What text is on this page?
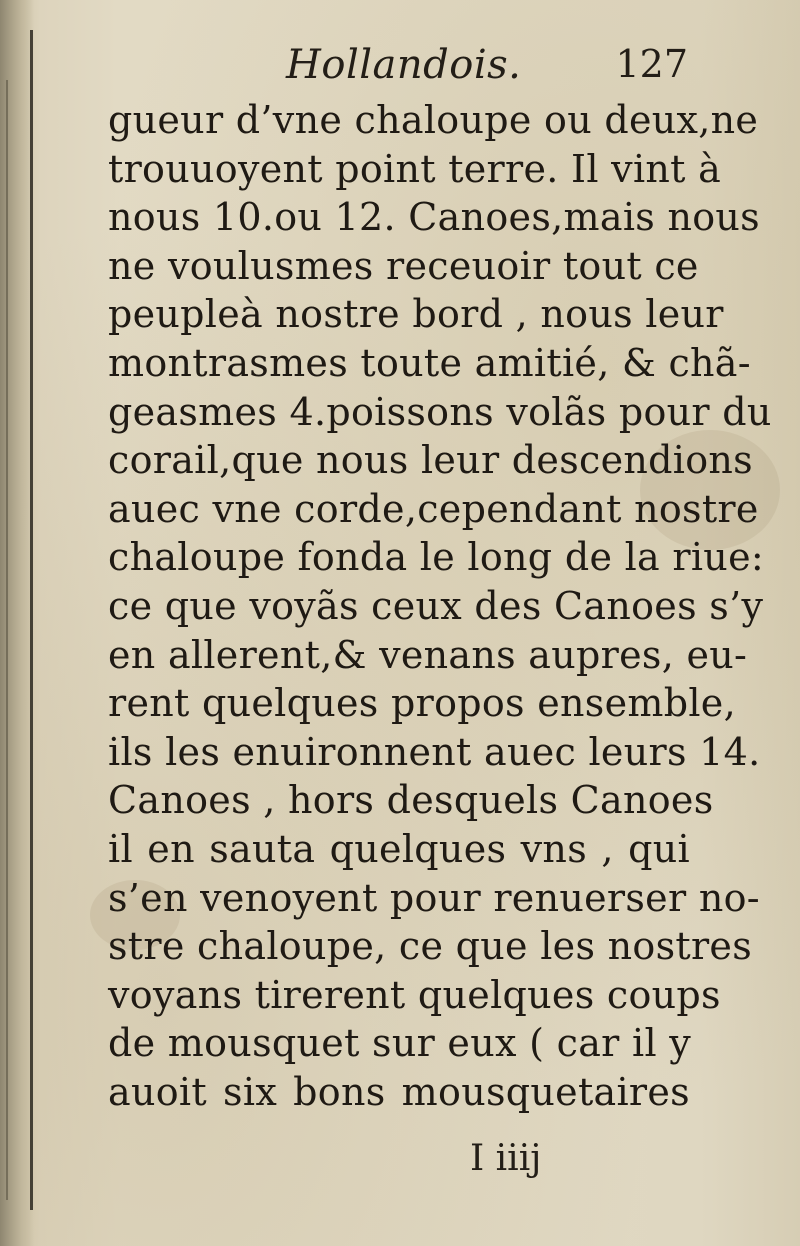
Hollandois. 127
gueur d’vne chaloupe ou deux,ne
trouuoyent point terre. Il vint à
nous 10.ou 12. Canoes,mais nous
ne voulusmes receuoir tout ce
peupleà nostre bord , nous leur
montrasmes toute amitié, & chã-
geasmes 4.poissons volãs pour du
corail,que nous leur descendions
auec vne corde,cependant nostre
chaloupe fonda le long de la riue:
ce que voyãs ceux des Canoes s’y
en allerent,& venans aupres, eu-
rent quelques propos ensemble,
ils les enuironnent auec leurs 14.
Canoes , hors desquels Canoes
il en sauta quelques vns , qui
s’en venoyent pour renuerser no-
stre chaloupe, ce que les nostres
voyans tirerent quelques coups
de mousquet sur eux ( car il y
auoit six bons mousquetaires
I iiij
